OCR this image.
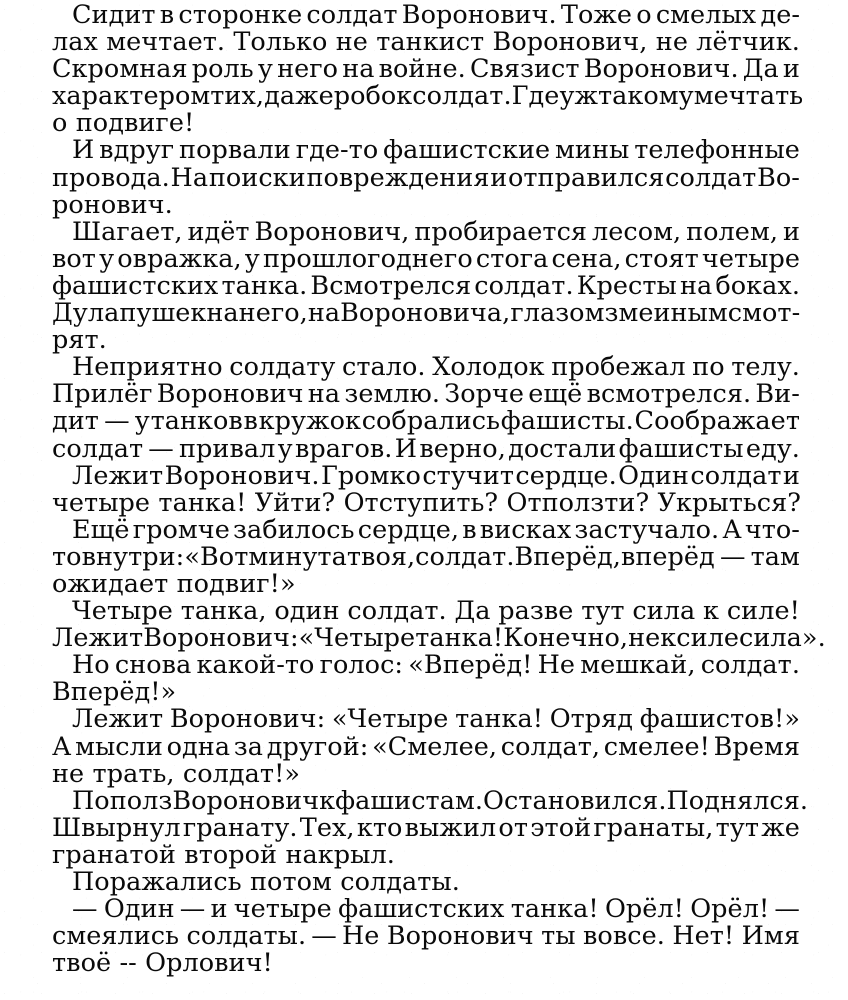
Сидит в сторонке солдат Воронович. Тоже о смелых де-
лах мечтает. Только не танкист Воронович, не лётчик.
Скромная роль у него на войне. Связист Воронович. Да и
характером тих, даже робок солдат. Где уж такому мечтать
о подвиге!

И вдруг порвали где-то фашистские мины телефонные
провода. На поиски повреждения и отправился солдат Во-
ронович.

Шагает, идёт Воронович, пробирается лесом, полем, и
вот у овражка, у прошлогоднего стога сена, стоят четыре
фашистских танка. Всмотрелся солдат. Кресты на боках.
Дула пушек на него, на Вороновича, глазом змеиным смот-
рят.

Неприятно солдату стало. Холодок пробежал по телу.
Прилёг Воронович на землю. Зорче ещё всмотрелся. Ви-
дит — у танков в кружок собрались фашисты. Соображает
солдат — привал у врагов. И верно, достали фашисты еду.

Лежит Воронович. Громко стучит сердце. Один солдат и
четыре танка! Уйти? Отступить? Отползти? Укрыться?

Ещё громче забилось сердце, в висках застучало. А что-
то внутри: «Вот минута твоя, солдат. Вперёд, вперёд — там
ожидает подвиг!»

Четыре танка, один солдат. Да разве тут сила к силе!
Лежит Воронович: «Четыре танка! Конечно, не к силе сила».

Но снова какой-то голос: «Вперёд! Не мешкай, солдат.
Вперёд!»

Лежит Воронович: «Четыре танка! Отряд фашистов!»
А мысли одна за другой: «Смелее, солдат, смелее! Время
не трать, солдат!»

Пополз Воронович к фашистам. Остановился. Поднялся.
Швырнул гранату. Тех, кто выжил от этой гранаты, тут же
гранатой второй накрыл.

Поражались потом солдаты.

— Один — и четыре фашистских танка! Орёл! Орёл! —
смеялись солдаты. — Не Воронович ты вовсе. Нет! Имя
твоё -- Орлович!
